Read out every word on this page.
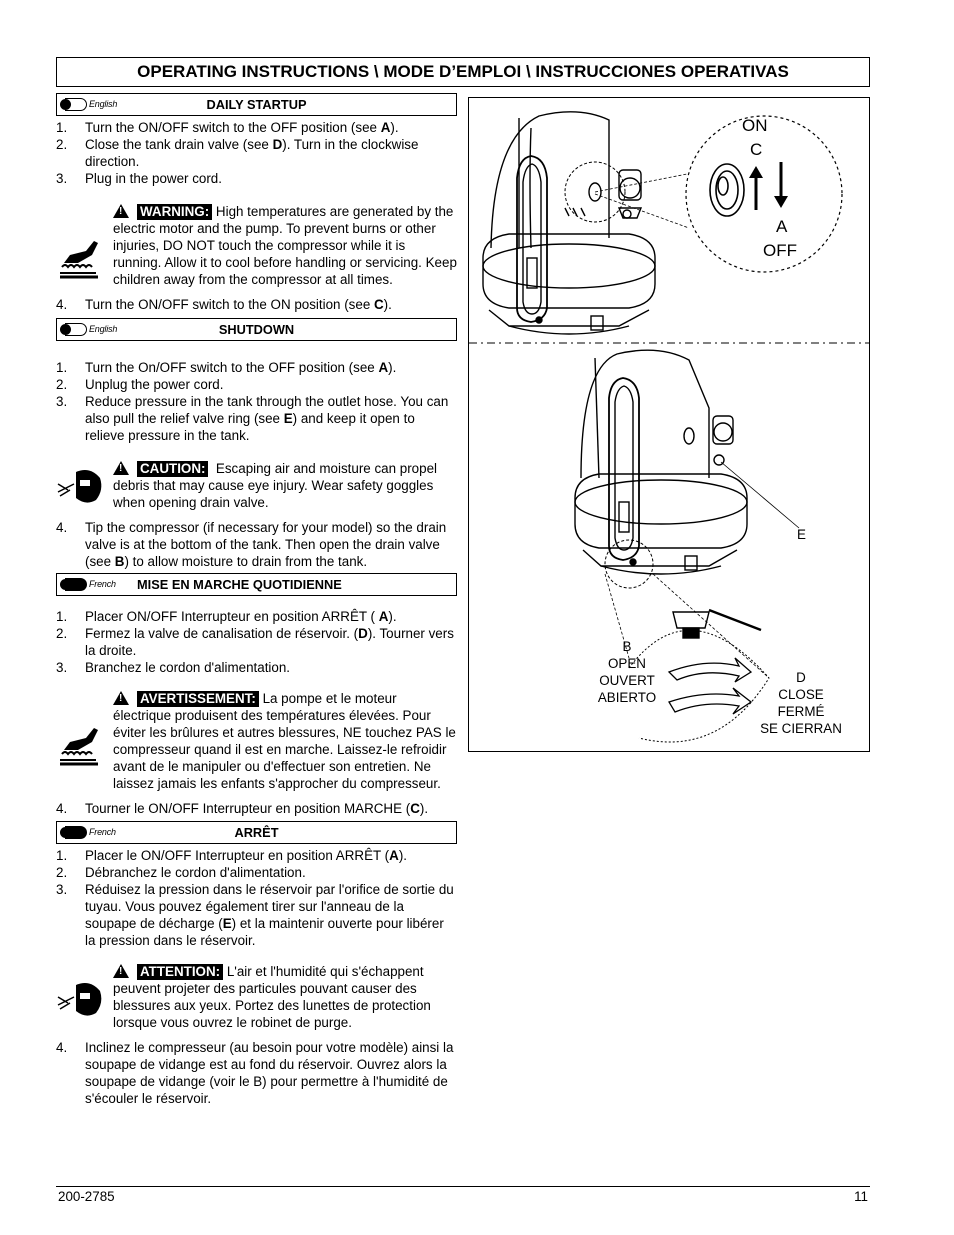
OPERATING INSTRUCTIONS \ MODE D’EMPLOI \ INSTRUCCIONES OPERATIVAS
English	DAILY STARTUP
1. Turn the ON/OFF switch to the OFF position (see A).
2. Close the tank drain valve (see D). Turn in the clockwise direction.
3. Plug in the power cord.
!WARNING: High temperatures are generated by the electric motor and the pump. To prevent burns or other injuries, DO NOT touch the compressor while it is running. Allow it to cool before handling or servicing. Keep children away from the compressor at all times.
4. Turn the ON/OFF switch to the ON position (see C).
English	SHUTDOWN
1. Turn the On/OFF switch to the OFF position (see A).
2. Unplug the power cord.
3. Reduce pressure in the tank through the outlet hose. You can also pull the relief valve ring (see E) and keep it open to relieve pressure in the tank.
!CAUTION: Escaping air and moisture can propel debris that may cause eye injury. Wear safety goggles when opening drain valve.
4. Tip the compressor (if necessary for your model) so the drain valve is at the bottom of the tank. Then open the drain valve (see B) to allow moisture to drain from the tank.
French MISE EN MARCHE QUOTIDIENNE
1. Placer ON/OFF Interrupteur en position ARRÊT ( A).
2. Fermez la valve de canalisation de réservoir. (D). Tourner vers la droite.
3. Branchez le cordon d'alimentation.
!AVERTISSEMENT: La pompe et le moteur électrique produisent des températures élevées. Pour éviter les brûlures et autres blessures, NE touchez PAS le compresseur quand il est en marche. Laissez-le refroidir avant de le manipuler ou d'effectuer son entretien. Ne laissez jamais les enfants s'approcher du compresseur.
4. Tourner le ON/OFF Interrupteur en position MARCHE (C).
French	ARRÊT
1. Placer le ON/OFF Interrupteur en position ARRÊT (A).
2. Débranchez le cordon d'alimentation.
3. Réduisez la pression dans le réservoir par l'orifice de sortie du tuyau. Vous pouvez également tirer sur l'anneau de la soupape de décharge (E) et la maintenir ouverte pour libérer la pression dans le réservoir.
!ATTENTION: L'air et l'humidité qui s'échappent peuvent projeter des particules pouvant causer des blessures aux yeux. Portez des lunettes de protection lorsque vous ouvrez le robinet de purge.
4. Inclinez le compresseur (au besoin pour votre modèle) ainsi la soupape de vidange est au fond du réservoir. Ouvrez alors la soupape de vidange (voir le B) pour permettre à l'humidité de s'écouler le réservoir.
ON
C
A
OFF
E
B
OPEN
OUVERT
ABIERTO
D
CLOSE
FERMÉ
SE CIERRAN
200-2785	11
